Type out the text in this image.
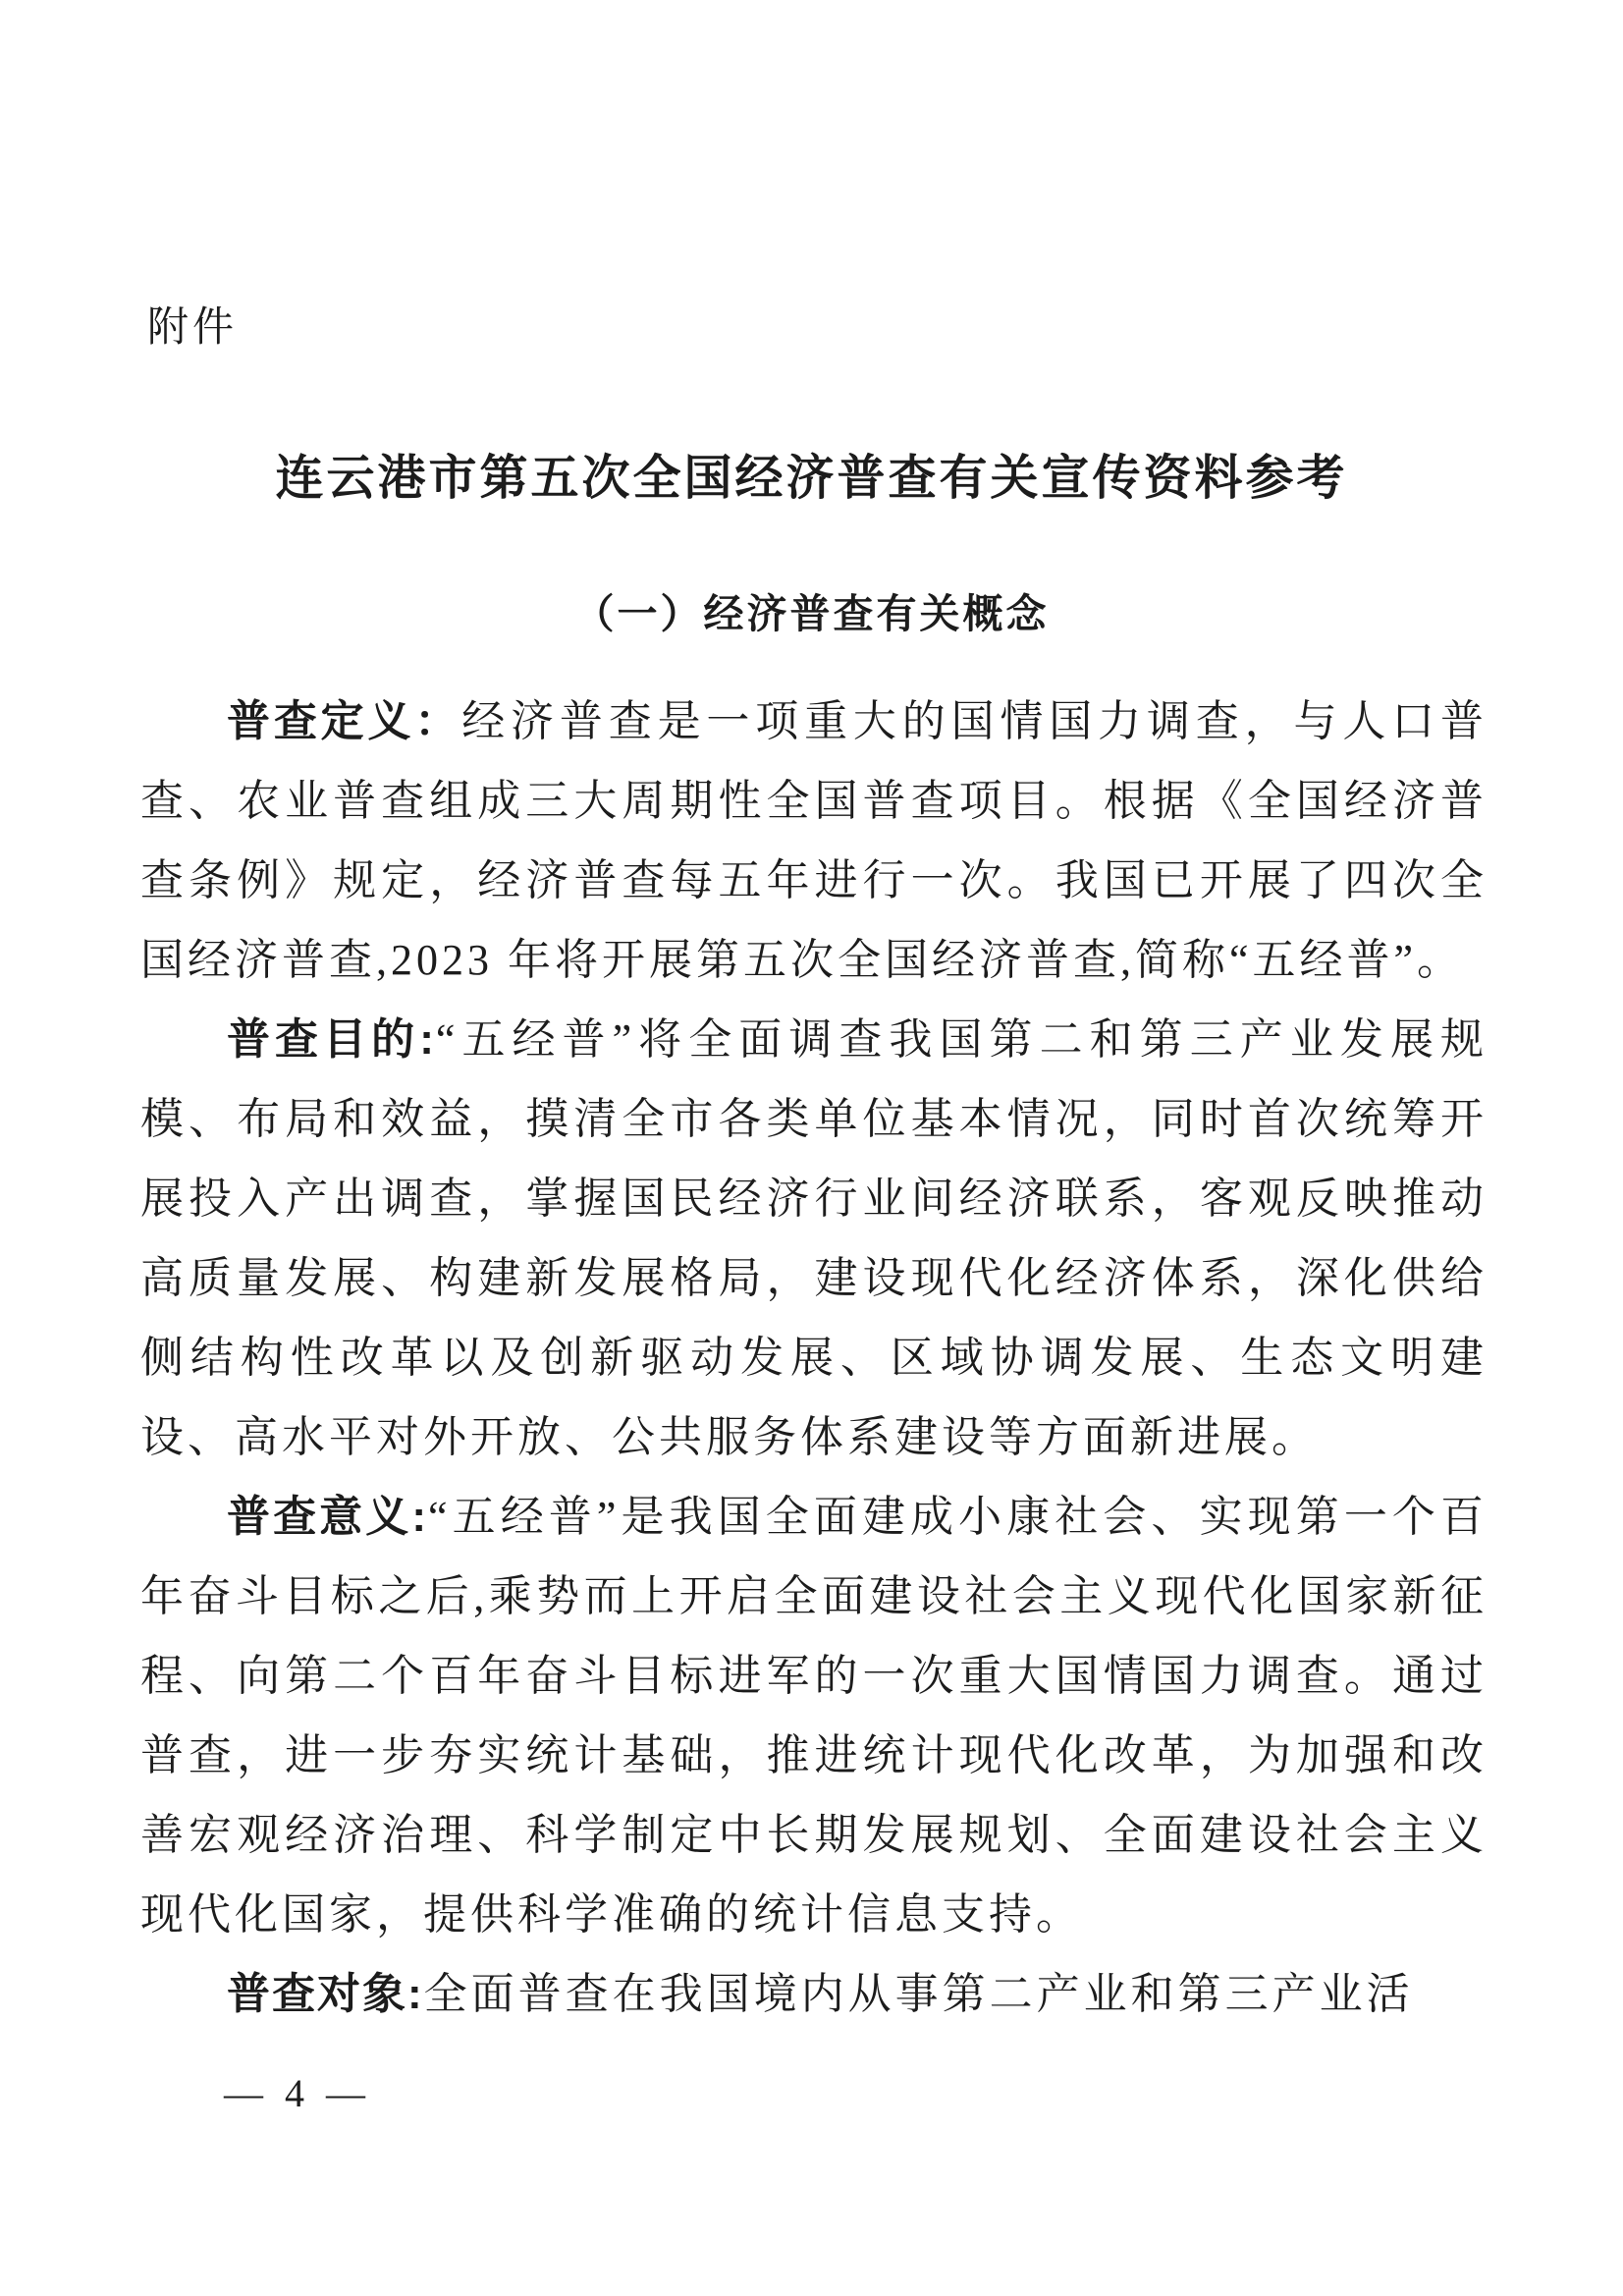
附件
连云港市第五次全国经济普查有关宣传资料参考
（一）经济普查有关概念

普查定义：经济普查是一项重大的国情国力调查，与人口普查、农业普查组成三大周期性全国普查项目。根据《全国经济普查条例》规定，经济普查每五年进行一次。我国已开展了四次全国经济普查,2023 年将开展第五次全国经济普查,简称“五经普”。

普查目的:“五经普”将全面调查我国第二和第三产业发展规模、布局和效益，摸清全市各类单位基本情况，同时首次统筹开展投入产出调查，掌握国民经济行业间经济联系，客观反映推动高质量发展、构建新发展格局，建设现代化经济体系，深化供给侧结构性改革以及创新驱动发展、区域协调发展、生态文明建设、高水平对外开放、公共服务体系建设等方面新进展。

普查意义:“五经普”是我国全面建成小康社会、实现第一个百年奋斗目标之后,乘势而上开启全面建设社会主义现代化国家新征程、向第二个百年奋斗目标进军的一次重大国情国力调查。通过普查，进一步夯实统计基础，推进统计现代化改革，为加强和改善宏观经济治理、科学制定中长期发展规划、全面建设社会主义现代化国家，提供科学准确的统计信息支持。

普查对象:全面普查在我国境内从事第二产业和第三产业活

— 4 —
